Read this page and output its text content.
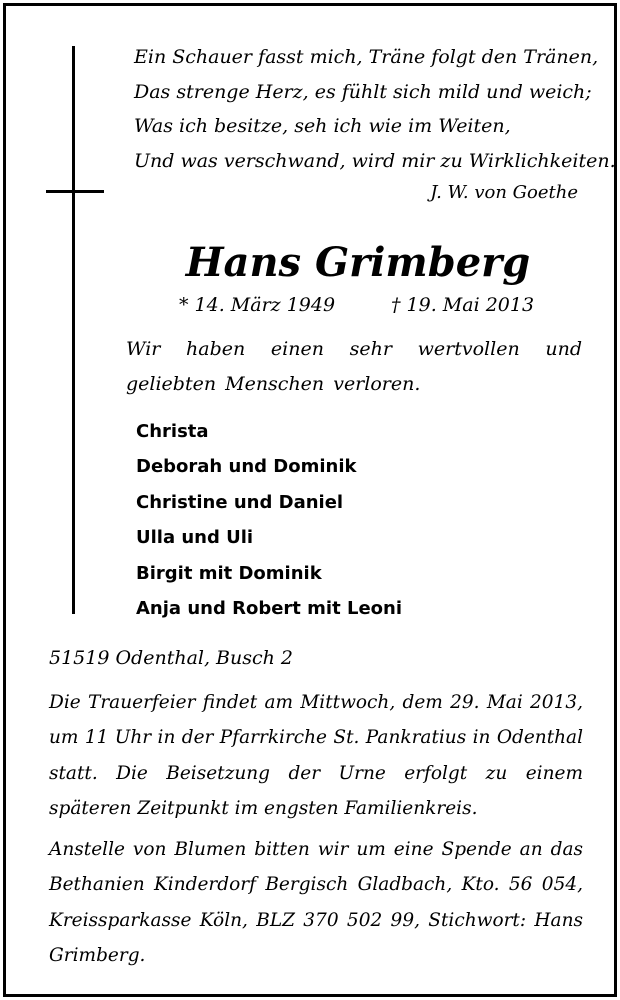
Ein Schauer fasst mich, Träne folgt den Tränen,
Das strenge Herz, es fühlt sich mild und weich;
Was ich besitze, seh ich wie im Weiten,
Und was verschwand, wird mir zu Wirklichkeiten.
J. W. von Goethe
Hans Grimberg
* 14. März 1949	† 19. Mai 2013
Wir haben einen sehr wertvollen und geliebten Menschen verloren.
Christa
Deborah und Dominik
Christine und Daniel
Ulla und Uli
Birgit mit Dominik
Anja und Robert mit Leoni
51519 Odenthal, Busch 2
Die Trauerfeier findet am Mittwoch, dem 29. Mai 2013, um 11 Uhr in der Pfarrkirche St. Pankratius in Odenthal statt. Die Beisetzung der Urne erfolgt zu einem späteren Zeitpunkt im engsten Familienkreis.
Anstelle von Blumen bitten wir um eine Spende an das Bethanien Kinderdorf Bergisch Gladbach, Kto. 56 054, Kreissparkasse Köln, BLZ 370 502 99, Stichwort: Hans Grimberg.
